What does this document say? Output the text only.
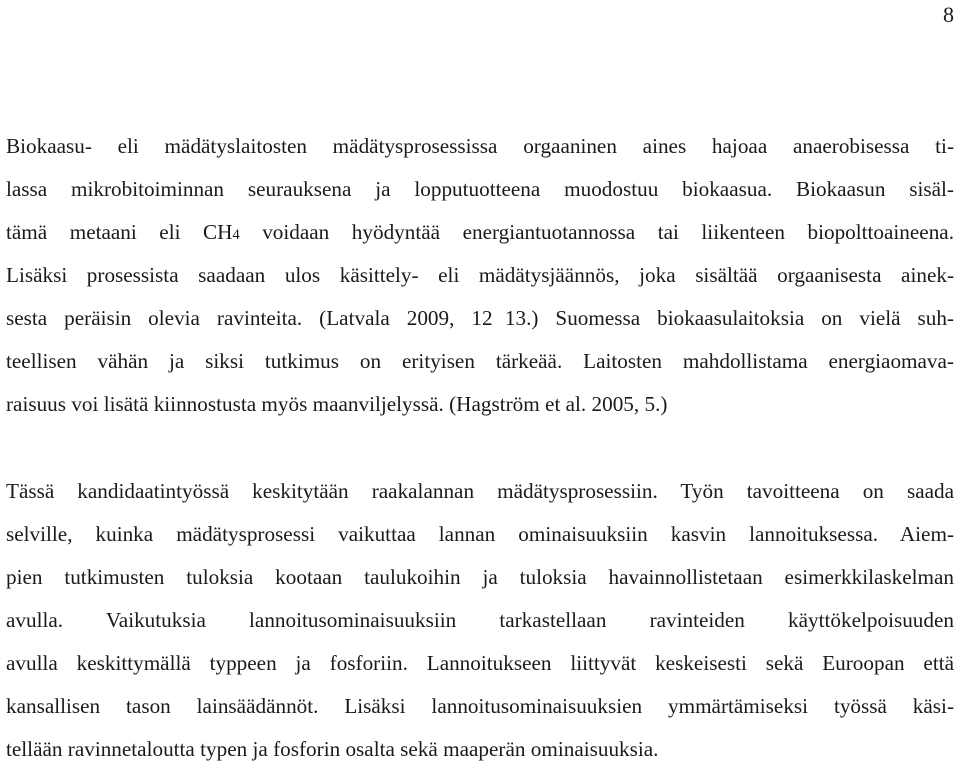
8
Biokaasu- eli mädätyslaitosten mädätysprosessissa orgaaninen aines hajoaa anaerobisessa ti-
lassa mikrobitoiminnan seurauksena ja lopputuotteena muodostuu biokaasua. Biokaasun sisäl-
tämä metaani eli CH4 voidaan hyödyntää energiantuotannossa tai liikenteen biopolttoaineena.
Lisäksi prosessista saadaan ulos käsittely- eli mädätysjäännös, joka sisältää orgaanisesta ainek-
sesta peräisin olevia ravinteita. (Latvala 2009, 12  13.) Suomessa biokaasulaitoksia on vielä suh-
teellisen vähän ja siksi tutkimus on erityisen tärkeää. Laitosten mahdollistama energiaomava-
raisuus voi lisätä kiinnostusta myös maanviljelyssä. (Hagström et al. 2005, 5.)
Tässä kandidaatintyössä keskitytään raakalannan mädätysprosessiin. Työn tavoitteena on saada
selville, kuinka mädätysprosessi vaikuttaa lannan ominaisuuksiin kasvin lannoituksessa. Aiem-
pien tutkimusten tuloksia kootaan taulukoihin ja tuloksia havainnollistetaan esimerkkilaskelman
avulla. Vaikutuksia lannoitusominaisuuksiin tarkastellaan ravinteiden käyttökelpoisuuden
avulla keskittymällä typpeen ja fosforiin. Lannoitukseen liittyvät keskeisesti sekä Euroopan että
kansallisen tason lainsäädännöt. Lisäksi lannoitusominaisuuksien ymmärtämiseksi työssä käsi-
tellään ravinnetaloutta typen ja fosforin osalta sekä maaperän ominaisuuksia.
